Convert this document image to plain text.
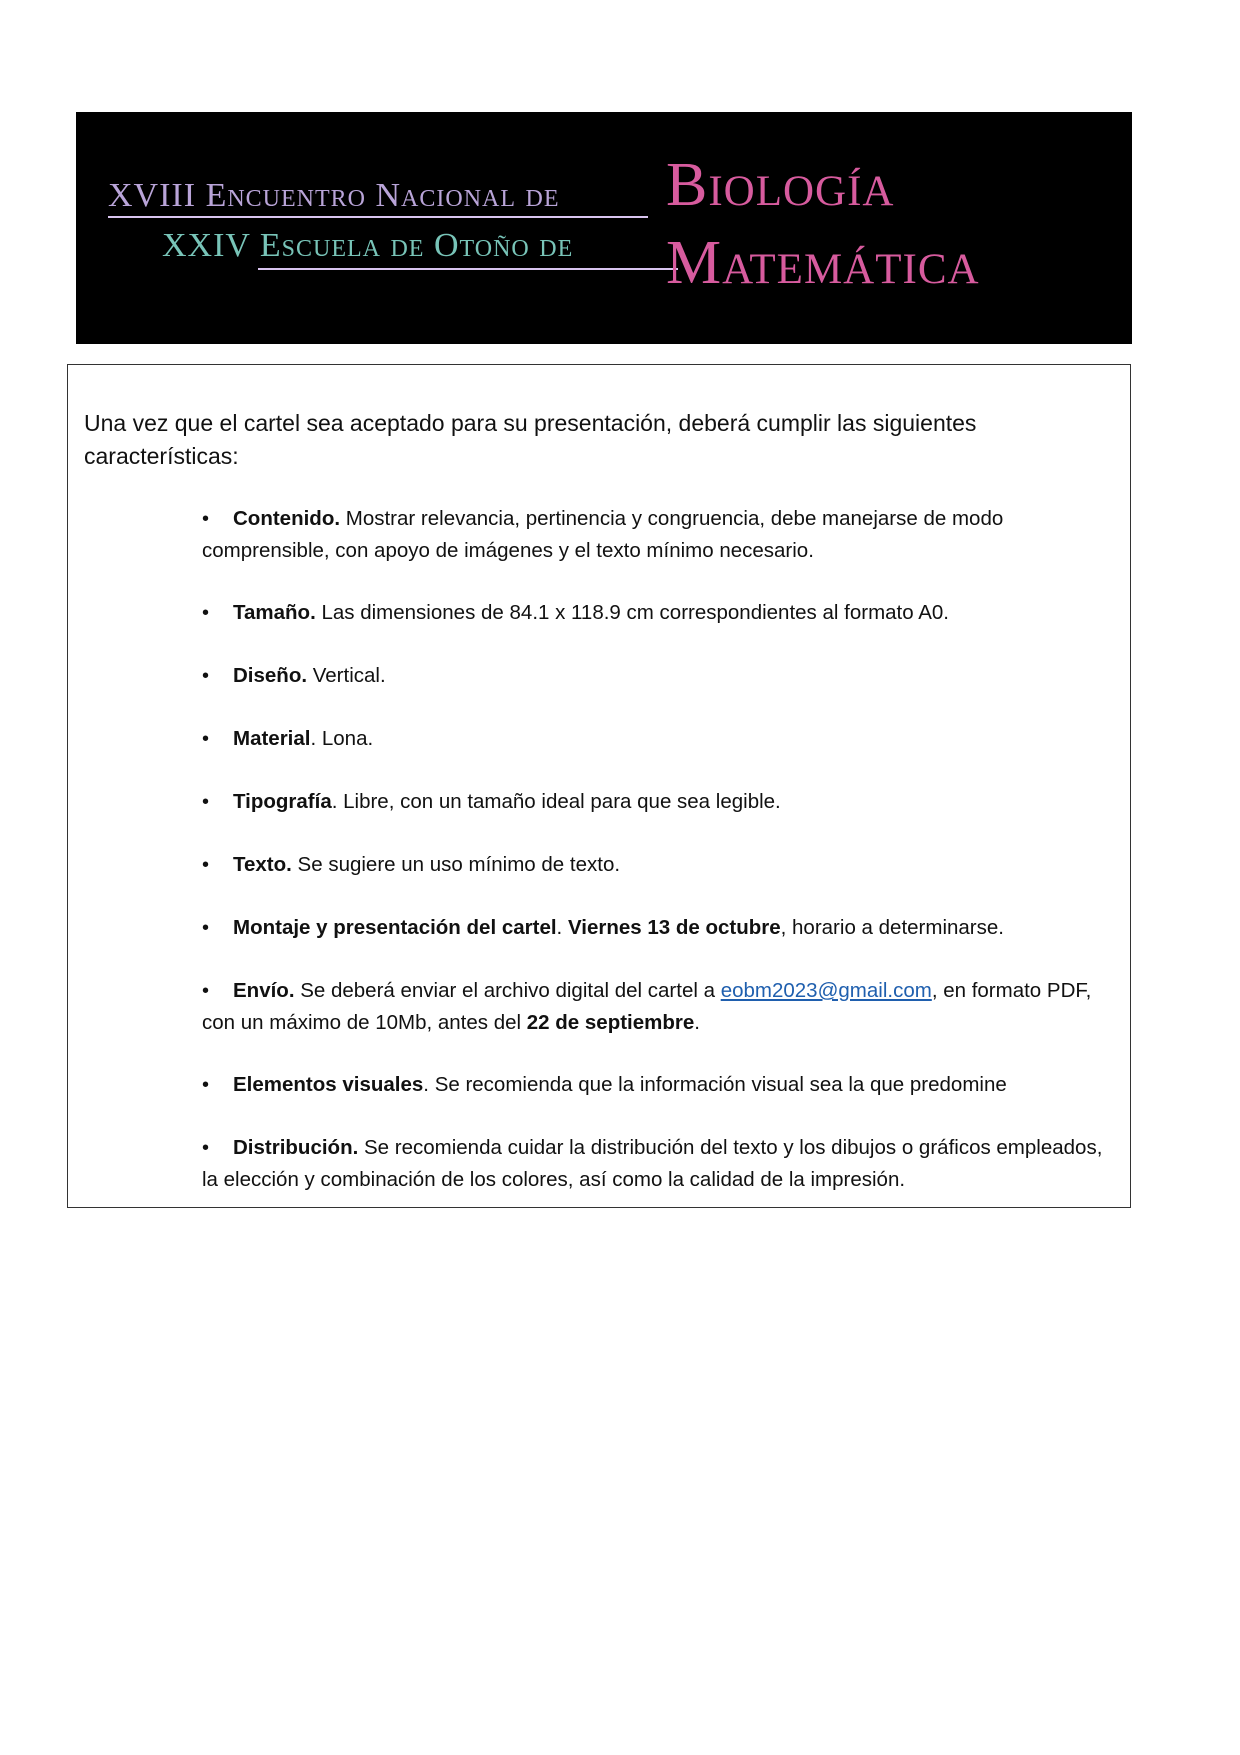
XVIII Encuentro Nacional de
XXIV Escuela de Otoño de
Biología
Matemática
Una vez que el cartel sea aceptado para su presentación, deberá cumplir las siguientes características:
• Contenido. Mostrar relevancia, pertinencia y congruencia, debe manejarse de modo comprensible, con apoyo de imágenes y el texto mínimo necesario.
• Tamaño. Las dimensiones de 84.1 x 118.9 cm correspondientes al formato A0.
• Diseño. Vertical.
• Material. Lona.
• Tipografía. Libre, con un tamaño ideal para que sea legible.
• Texto. Se sugiere un uso mínimo de texto.
• Montaje y presentación del cartel. Viernes 13 de octubre, horario a determinarse.
• Envío. Se deberá enviar el archivo digital del cartel a eobm2023@gmail.com, en formato PDF, con un máximo de 10Mb, antes del 22 de septiembre.
• Elementos visuales. Se recomienda que la información visual sea la que predomine
• Distribución. Se recomienda cuidar la distribución del texto y los dibujos o gráficos empleados, la elección y combinación de los colores, así como la calidad de la impresión.
